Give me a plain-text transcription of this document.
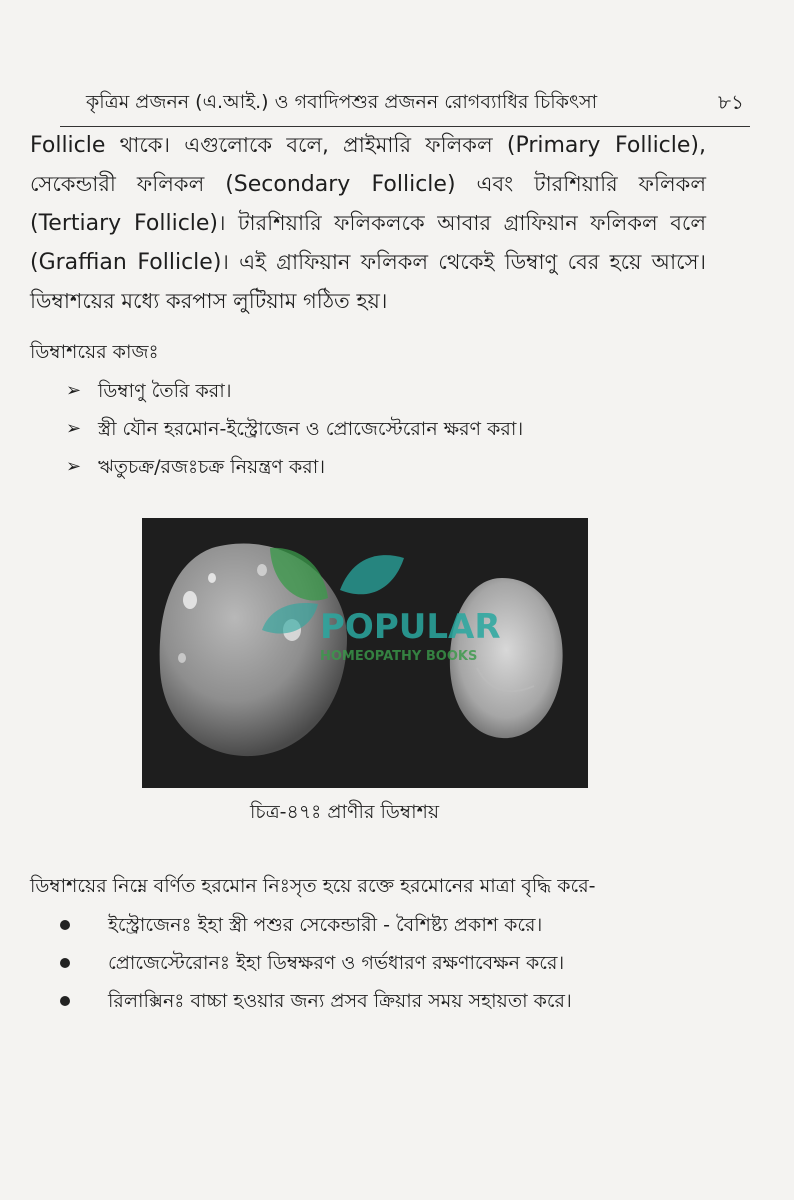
কৃত্রিম প্রজনন (এ.আই.) ও গবাদিপশুর প্রজনন রোগব্যাধির চিকিৎসা	৮১
Follicle থাকে। এগুলোকে বলে, প্রাইমারি ফলিকল (Primary Follicle), সেকেন্ডারী ফলিকল (Secondary Follicle) এবং টারশিয়ারি ফলিকল (Tertiary Follicle)। টারশিয়ারি ফলিকলকে আবার গ্রাফিয়ান ফলিকল বলে (Graffian Follicle)। এই গ্রাফিয়ান ফলিকল থেকেই ডিম্বাণু বের হয়ে আসে। ডিম্বাশয়ের মধ্যে করপাস লুটিয়াম গঠিত হয়।
ডিম্বাশয়ের কাজঃ
➢ ডিম্বাণু তৈরি করা।
➢ স্ত্রী যৌন হরমোন-ইস্ট্রোজেন ও প্রোজেস্টেরোন ক্ষরণ করা।
➢ ঋতুচক্র/রজঃচক্র নিয়ন্ত্রণ করা।
POPULAR
HOMEOPATHY BOOKS
চিত্র-৪৭ঃ প্রাণীর ডিম্বাশয়
ডিম্বাশয়ের নিম্নে বর্ণিত হরমোন নিঃসৃত হয়ে রক্তে হরমোনের মাত্রা বৃদ্ধি করে-
ইস্ট্রোজেনঃ ইহা স্ত্রী পশুর সেকেন্ডারী - বৈশিষ্ট্য প্রকাশ করে।
প্রোজেস্টেরোনঃ ইহা ডিম্বক্ষরণ ও গর্ভধারণ রক্ষণাবেক্ষন করে।
রিলাক্সিনঃ বাচ্চা হওয়ার জন্য প্রসব ক্রিয়ার সময় সহায়তা করে।
